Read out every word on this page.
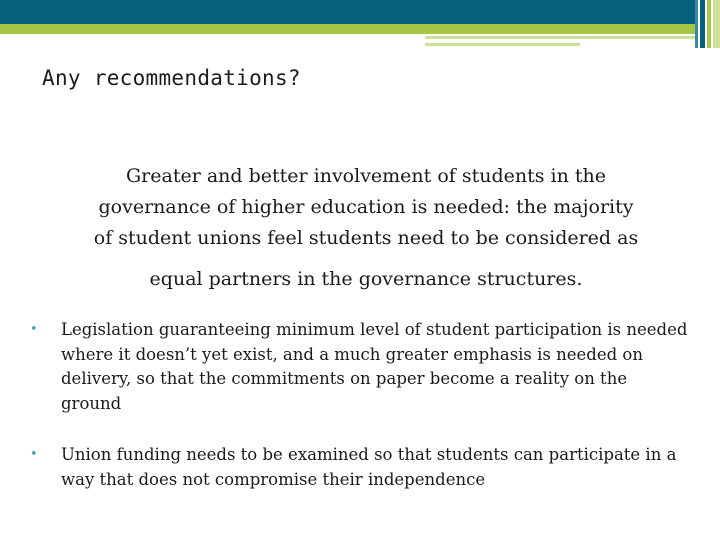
Any recommendations?

Greater and better involvement of students in the
governance of higher education is needed: the majority
of student unions feel students need to be considered as
equal partners in the governance structures.

• Legislation guaranteeing minimum level of student participation is needed where it doesn’t yet exist, and a much greater emphasis is needed on delivery, so that the commitments on paper become a reality on the ground
• Union funding needs to be examined so that students can participate in a way that does not compromise their independence
